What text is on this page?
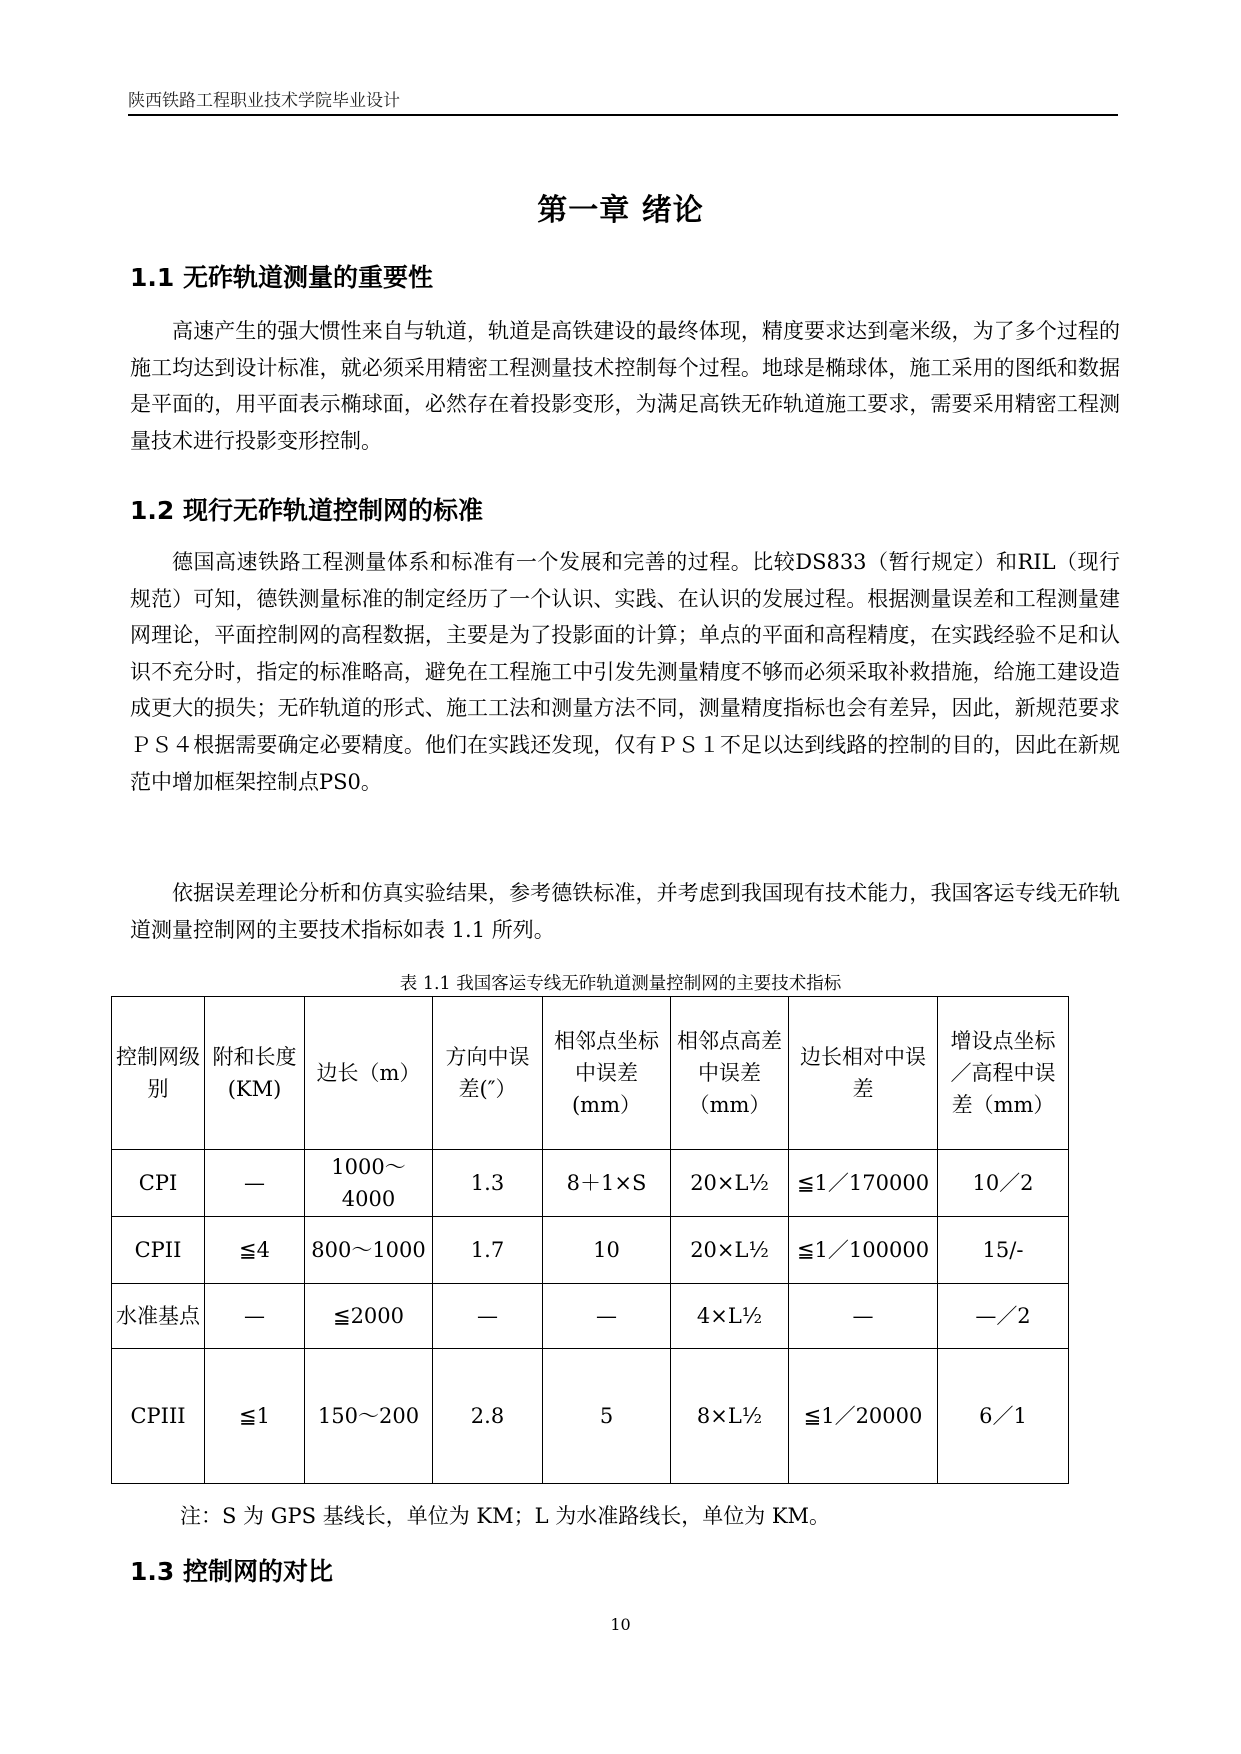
陕西铁路工程职业技术学院毕业设计
第一章 绪论
1.1 无砟轨道测量的重要性

高速产生的强大惯性来自与轨道，轨道是高铁建设的最终体现，精度要求达到毫米级，为了多个过程的施工均达到设计标准，就必须采用精密工程测量技术控制每个过程。地球是椭球体，施工采用的图纸和数据是平面的，用平面表示椭球面，必然存在着投影变形，为满足高铁无砟轨道施工要求，需要采用精密工程测量技术进行投影变形控制。

1.2 现行无砟轨道控制网的标准

德国高速铁路工程测量体系和标准有一个发展和完善的过程。比较DS833（暂行规定）和RIL（现行规范）可知，德铁测量标准的制定经历了一个认识、实践、在认识的发展过程。根据测量误差和工程测量建网理论，平面控制网的高程数据，主要是为了投影面的计算；单点的平面和高程精度，在实践经验不足和认识不充分时，指定的标准略高，避免在工程施工中引发先测量精度不够而必须采取补救措施，给施工建设造成更大的损失；无砟轨道的形式、施工工法和测量方法不同，测量精度指标也会有差异，因此，新规范要求ＰＳ４根据需要确定必要精度。他们在实践还发现，仅有ＰＳ１不足以达到线路的控制的目的，因此在新规范中增加框架控制点PS0。

依据误差理论分析和仿真实验结果，参考德铁标准，并考虑到我国现有技术能力，我国客运专线无砟轨道测量控制网的主要技术指标如表 1.1 所列。

表 1.1 我国客运专线无砟轨道测量控制网的主要技术指标
控制网级别	附和长度(KM)	边长（m）	方向中误差(″）	相邻点坐标中误差(mm）	相邻点高差中误差（mm）	边长相对中误差	增设点坐标／高程中误差（mm）
CPI	—	1000～4000	1.3	8＋1×S	20×L½	≦1／170000	10／2
CPII	≦4	800～1000	1.7	10	20×L½	≦1／100000	15/-
水准基点	—	≦2000	—	—	4×L½	—	—／2
CPIII	≦1	150～200	2.8	5	8×L½	≦1／20000	6／1
注：S 为 GPS 基线长，单位为 KM；L 为水准路线长，单位为 KM。
1.3 控制网的对比
10
